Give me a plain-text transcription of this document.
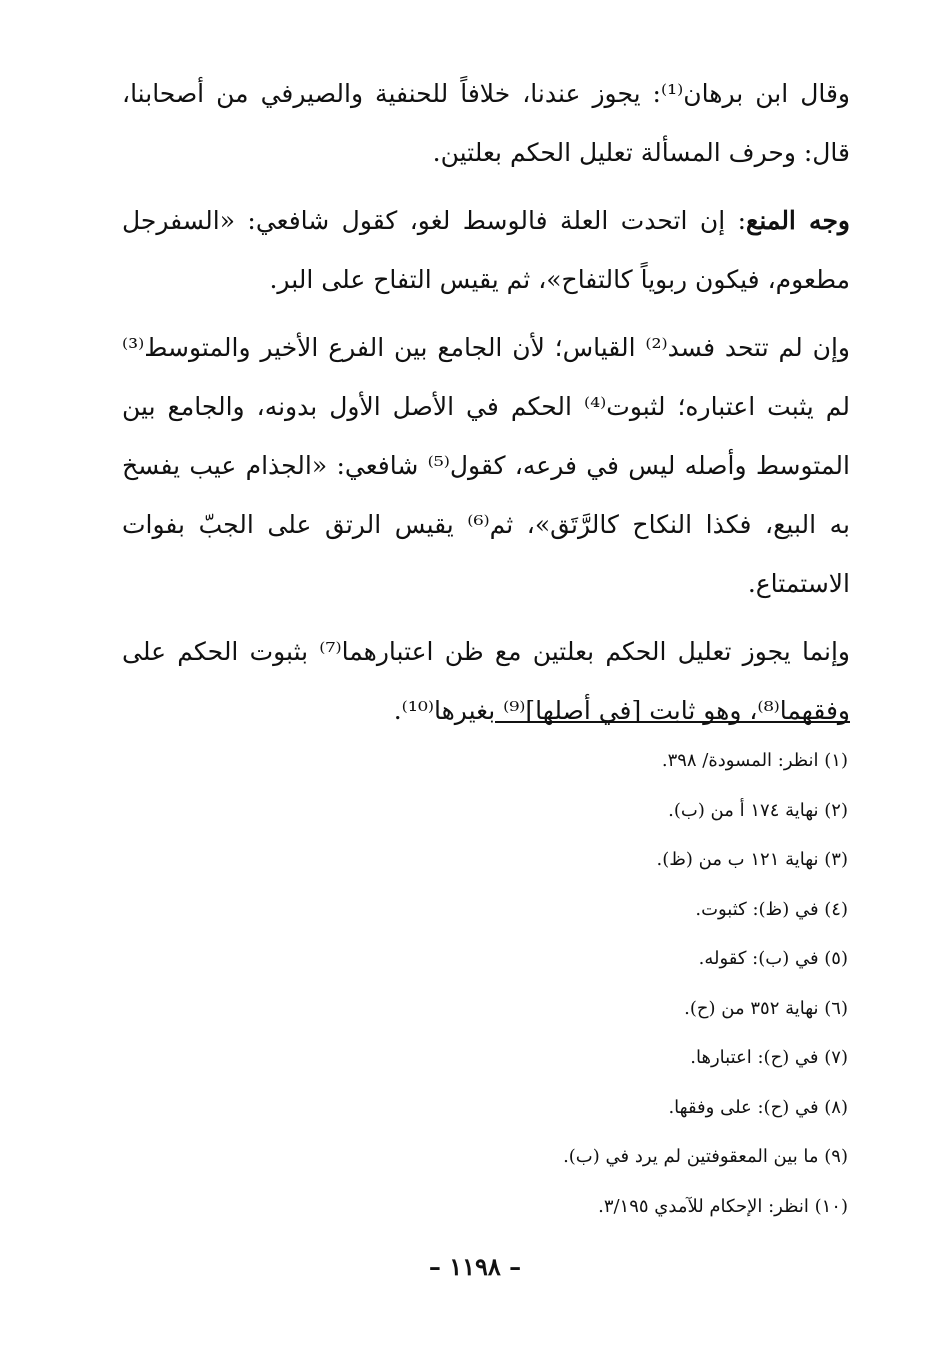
وقال ابن برهان⁽¹⁾: يجوز عندنا، خلافاً للحنفية والصيرفي من أصحابنا، قال: وحرف المسألة تعليل الحكم بعلتين.

وجه المنع: إن اتحدت العلة فالوسط لغو، كقول شافعي: «السفرجل مطعوم، فيكون ربوياً كالتفاح»، ثم يقيس التفاح على البر.

وإن لم تتحد فسد⁽²⁾ القياس؛ لأن الجامع بين الفرع الأخير والمتوسط⁽³⁾ لم يثبت اعتباره؛ لثبوت⁽⁴⁾ الحكم في الأصل الأول بدونه، والجامع بين المتوسط وأصله ليس في فرعه، كقول⁽⁵⁾ شافعي: «الجذام عيب يفسخ به البيع، فكذا النكاح كالرَّتَق»، ثم⁽⁶⁾ يقيس الرتق على الجبّ بفوات الاستمتاع.

وإنما يجوز تعليل الحكم بعلتين مع ظن اعتبارهما⁽⁷⁾ بثبوت الحكم على وفقهما⁽⁸⁾، وهو ثابت [في أصلها]⁽⁹⁾ بغيرها⁽¹⁰⁾.

(١) انظر: المسودة/ ٣٩٨.
(٢) نهاية ١٧٤ أ من (ب).
(٣) نهاية ١٢١ ب من (ظ).
(٤) في (ظ): كثبوت.
(٥) في (ب): كقوله.
(٦) نهاية ٣٥٢ من (ح).
(٧) في (ح): اعتبارها.
(٨) في (ح): على وفقها.
(٩) ما بين المعقوفتين لم يرد في (ب).
(١٠) انظر: الإحكام للآمدي ٣/١٩٥.
– ١١٩٨ –
